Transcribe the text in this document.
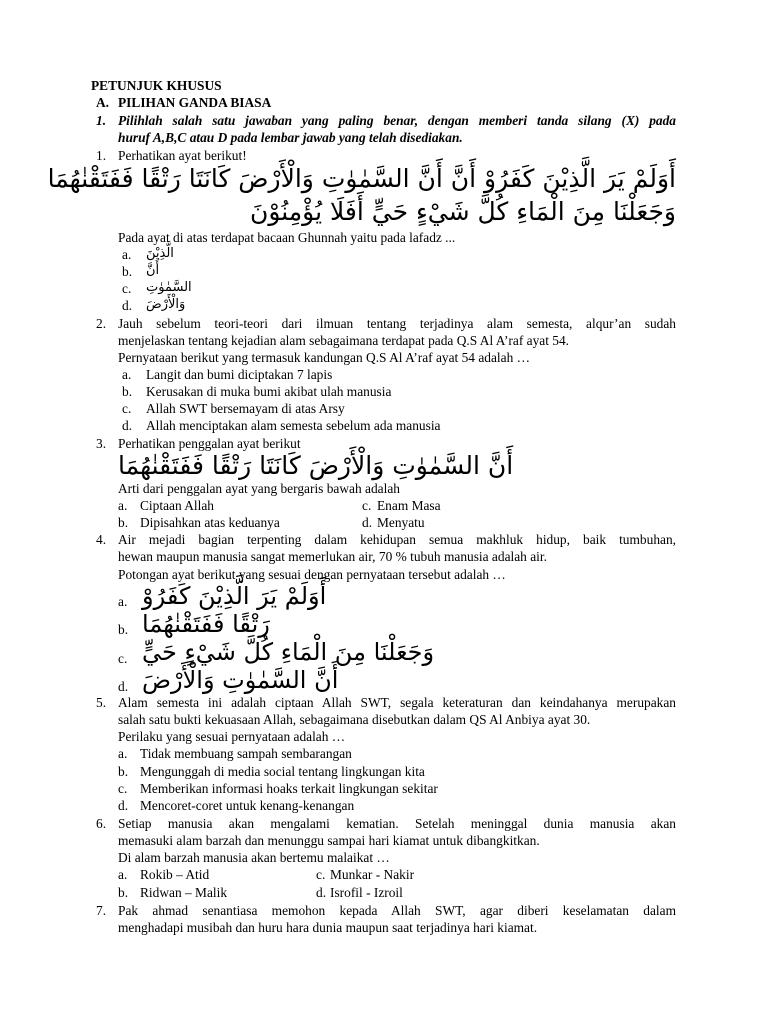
PETUNJUK KHUSUS
A. PILIHAN GANDA BIASA
1. Pilihlah salah satu jawaban yang paling benar, dengan memberi tanda silang (X) pada
huruf A,B,C atau D pada lembar jawab yang telah disediakan.
1. Perhatikan ayat berikut!
أَوَلَمْ يَرَ الَّذِيْنَ كَفَرُوْ أَنَّ أَنَّ السَّمٰوٰتِ وَالْأَرْضَ كَانَتَا رَتْقًا فَفَتَقْنٰهُمَا
وَجَعَلْنَا مِنَ الْمَاءِ كُلَّ شَيْءٍ حَيٍّ أَفَلَا يُؤْمِنُوْنَ
Pada ayat di atas terdapat bacaan Ghunnah yaitu pada lafadz ...
a. الَّذِيْنَ
b. أَنَّ
c. السَّمٰوٰتِ
d. وَالْأَرْضَ
2. Jauh sebelum teori-teori dari ilmuan tentang terjadinya alam semesta, alqur’an sudah
menjelaskan tentang kejadian alam sebagaimana terdapat pada Q.S Al A’raf ayat 54.
Pernyataan berikut yang termasuk kandungan Q.S Al A’raf ayat 54 adalah …
a. Langit dan bumi diciptakan 7 lapis
b. Kerusakan di muka bumi akibat ulah manusia
c. Allah SWT bersemayam di atas Arsy
d. Allah menciptakan alam semesta sebelum ada manusia
3. Perhatikan penggalan ayat berikut
أَنَّ السَّمٰوٰتِ وَالْأَرْضَ كَانَتَا رَتْقًا فَفَتَقْنٰهُمَا
Arti dari penggalan ayat yang bergaris bawah adalah
a. Ciptaan Allah
b. Dipisahkan atas keduanya
c. Enam Masa
d. Menyatu
4. Air mejadi bagian terpenting dalam kehidupan semua makhluk hidup, baik tumbuhan,
hewan maupun manusia sangat memerlukan air, 70 % tubuh manusia adalah air.
Potongan ayat berikut yang sesuai dengan pernyataan tersebut adalah …
a. أَوَلَمْ يَرَ الَّذِيْنَ كَفَرُوْ
b. رَتْقًا فَفَتَقْنٰهُمَا
c. وَجَعَلْنَا مِنَ الْمَاءِ كُلَّ شَيْءٍ حَيٍّ
d. أَنَّ السَّمٰوٰتِ وَالْأَرْضَ
5. Alam semesta ini adalah ciptaan Allah SWT, segala keteraturan dan keindahanya merupakan
salah satu bukti kekuasaan Allah, sebagaimana disebutkan dalam QS Al Anbiya ayat 30.
Perilaku yang sesuai pernyataan adalah …
a. Tidak membuang sampah sembarangan
b. Mengunggah di media social tentang lingkungan kita
c. Memberikan informasi hoaks terkait lingkungan sekitar
d. Mencoret-coret untuk kenang-kenangan
6. Setiap manusia akan mengalami kematian. Setelah meninggal dunia manusia akan
memasuki alam barzah dan menunggu sampai hari kiamat untuk dibangkitkan.
Di alam barzah manusia akan bertemu malaikat …
a. Rokib – Atid
b. Ridwan – Malik
c. Munkar - Nakir
d. Isrofil - Izroil
7. Pak ahmad senantiasa memohon kepada Allah SWT, agar diberi keselamatan dalam
menghadapi musibah dan huru hara dunia maupun saat terjadinya hari kiamat.
